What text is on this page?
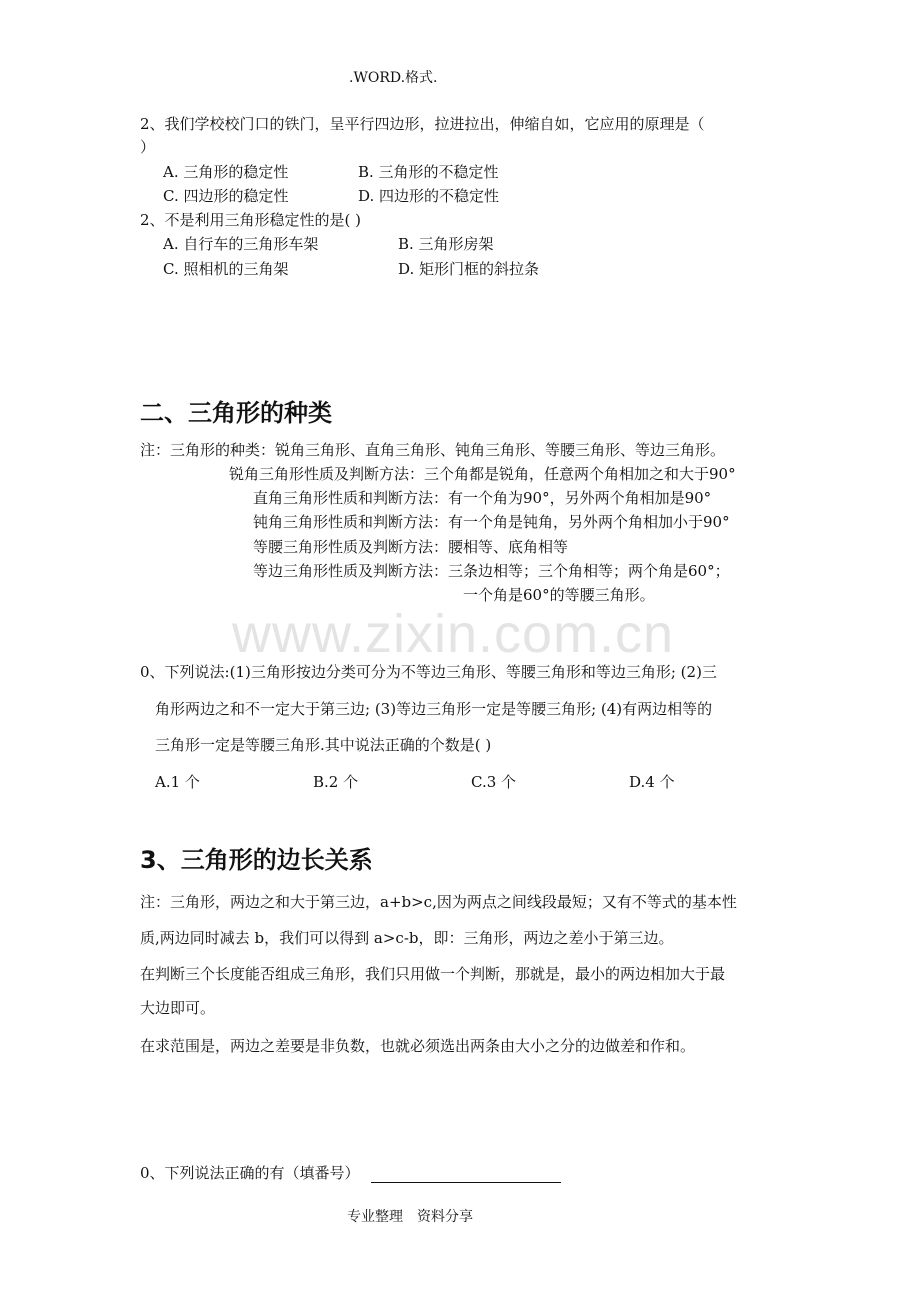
.WORD.格式.
2、我们学校校门口的铁门，呈平行四边形，拉进拉出，伸缩自如，它应用的原理是（
）
A. 三角形的稳定性	B. 三角形的不稳定性
C. 四边形的稳定性	D. 四边形的不稳定性
2、不是利用三角形稳定性的是( )
A. 自行车的三角形车架	B. 三角形房架
C. 照相机的三角架	D. 矩形门框的斜拉条
二、三角形的种类
注：三角形的种类：锐角三角形、直角三角形、钝角三角形、等腰三角形、等边三角形。
锐角三角形性质及判断方法：三个角都是锐角，任意两个角相加之和大于90°
直角三角形性质和判断方法：有一个角为90°，另外两个角相加是90°
钝角三角形性质和判断方法：有一个角是钝角，另外两个角相加小于90°
等腰三角形性质及判断方法：腰相等、底角相等
等边三角形性质及判断方法：三条边相等；三个角相等；两个角是60°；
一个角是60°的等腰三角形。
www.zixin.com.cn
0、下列说法:(1)三角形按边分类可分为不等边三角形、等腰三角形和等边三角形; (2)三
角形两边之和不一定大于第三边; (3)等边三角形一定是等腰三角形; (4)有两边相等的
三角形一定是等腰三角形.其中说法正确的个数是( )
A.1 个	B.2 个	C.3 个	D.4 个
3、三角形的边长关系
注：三角形，两边之和大于第三边，a+b>c,因为两点之间线段最短；又有不等式的基本性
质,两边同时减去 b，我们可以得到 a>c-b，即：三角形，两边之差小于第三边。
在判断三个长度能否组成三角形，我们只用做一个判断，那就是，最小的两边相加大于最
大边即可。
在求范围是，两边之差要是非负数，也就必须选出两条由大小之分的边做差和作和。
0、下列说法正确的有（填番号）
专业整理　资料分享
